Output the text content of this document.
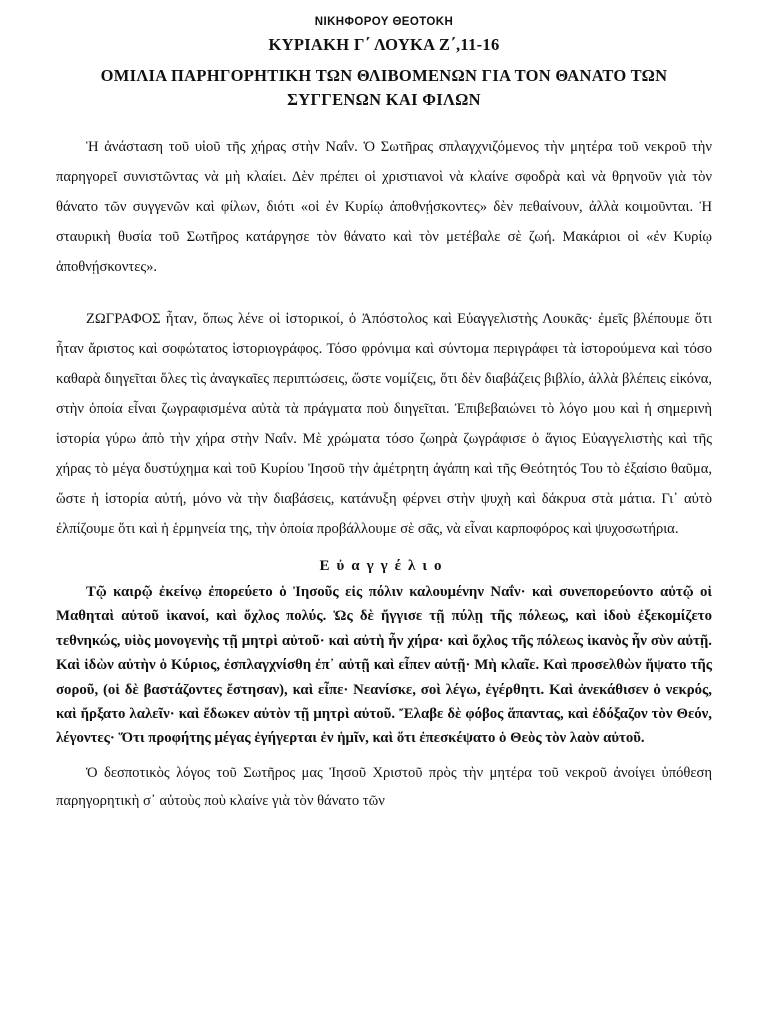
ΝΙΚΗΦΟΡΟΥ ΘΕΟΤΟΚΗ
ΚΥΡΙΑΚΗ Γ΄ ΛΟΥΚΑ Ζ΄,11-16
ΟΜΙΛΙΑ ΠΑΡΗΓΟΡΗΤΙΚΗ ΤΩΝ ΘΛΙΒΟΜΕΝΩΝ ΓΙΑ ΤΟΝ ΘΑΝΑΤΟ ΤΩΝ ΣΥΓΓΕΝΩΝ ΚΑΙ ΦΙΛΩΝ

Ἡ ἀνάσταση τοῦ υἱοῦ τῆς χήρας στὴν Ναΐν. Ὁ Σωτῆρας σπλαγχνιζόμενος τὴν μητέρα τοῦ νεκροῦ τὴν παρηγορεῖ συνιστῶντας νὰ μὴ κλαίει. Δὲν πρέπει οἱ χριστιανοὶ νὰ κλαίνε σφοδρὰ καὶ νὰ θρηνοῦν γιὰ τὸν θάνατο τῶν συγγενῶν καὶ φίλων, διότι «οἱ ἐν Κυρίῳ ἀποθνῄσκοντες» δὲν πεθαίνουν, ἀλλὰ κοιμοῦνται. Ἡ σταυρικὴ θυσία τοῦ Σωτῆρος κατάργησε τὸν θάνατο καὶ τὸν μετέβαλε σὲ ζωή. Μακάριοι οἱ «ἐν Κυρίῳ ἀποθνῄσκοντες».

ΖΩΓΡΑΦΟΣ ἦταν, ὅπως λένε οἱ ἱστορικοί, ὁ Ἀπόστολος καὶ Εὐαγγελιστὴς Λουκᾶς· ἐμεῖς βλέπουμε ὅτι ἦταν ἄριστος καὶ σοφώτατος ἱστοριογράφος. Τόσο φρόνιμα καὶ σύντομα περιγράφει τὰ ἱστορούμενα καὶ τόσο καθαρὰ διηγεῖται ὅλες τὶς ἀναγκαῖες περιπτώσεις, ὥστε νομίζεις, ὅτι δὲν διαβάζεις βιβλίο, ἀλλὰ βλέπεις εἰκόνα, στὴν ὁποία εἶναι ζωγραφισμένα αὐτὰ τὰ πράγματα ποὺ διηγεῖται. Ἐπιβεβαιώνει τὸ λόγο μου καὶ ἡ σημερινὴ ἱστορία γύρω ἀπὸ τὴν χήρα στὴν Ναΐν. Μὲ χρώματα τόσο ζωηρὰ ζωγράφισε ὁ ἅγιος Εὐαγγελιστὴς καὶ τῆς χήρας τὸ μέγα δυστύχημα καὶ τοῦ Κυρίου Ἰησοῦ τὴν ἀμέτρητη ἀγάπη καὶ τῆς Θεότητός Του τὸ ἐξαίσιο θαῦμα, ὥστε ἡ ἱστορία αὐτή, μόνο νὰ τὴν διαβάσεις, κατάνυξη φέρνει στὴν ψυχὴ καὶ δάκρυα στὰ μάτια. Γι᾿ αὐτὸ ἐλπίζουμε ὅτι καὶ ἡ ἑρμηνεία της, τὴν ὁποία προβάλλουμε σὲ σᾶς, νὰ εἶναι καρποφόρος καὶ ψυχοσωτήρια.

Εὐαγγέλιο

Τῷ καιρῷ ἐκείνῳ ἐπορεύετο ὁ Ἰησοῦς εἰς πόλιν καλουμένην Ναΐν· καὶ συνεπορεύοντο αὐτῷ οἱ Μαθηταὶ αὐτοῦ ἱκανοί, καὶ ὄχλος πολύς. Ὡς δὲ ἤγγισε τῇ πύλῃ τῆς πόλεως, καὶ ἰδοὺ ἐξεκομίζετο τεθνηκώς, υἱὸς μονογενὴς τῇ μητρὶ αὐτοῦ· καὶ αὐτὴ ἦν χήρα· καὶ ὄχλος τῆς πόλεως ἱκανὸς ἦν σὺν αὐτῇ. Καὶ ἰδὼν αὐτὴν ὁ Κύριος, ἐσπλαγχνίσθη ἐπ᾿ αὐτῇ καὶ εἶπεν αὐτῇ· Μὴ κλαῖε. Καὶ προσελθὼν ἥψατο τῆς σοροῦ, (οἱ δὲ βαστάζοντες ἔστησαν), καὶ εἶπε· Νεανίσκε, σοὶ λέγω, ἐγέρθητι. Καὶ ἀνεκάθισεν ὁ νεκρός, καὶ ἤρξατο λαλεῖν· καὶ ἔδωκεν αὐτὸν τῇ μητρὶ αὐτοῦ. Ἔλαβε δὲ φόβος ἅπαντας, καὶ ἐδόξαζον τὸν Θεόν, λέγοντες· Ὅτι προφήτης μέγας ἐγήγερται ἐν ἡμῖν, καὶ ὅτι ἐπεσκέψατο ὁ Θεὸς τὸν λαὸν αὐτοῦ.

Ὁ δεσποτικὸς λόγος τοῦ Σωτῆρος μας Ἰησοῦ Χριστοῦ πρὸς τὴν μητέρα τοῦ νεκροῦ ἀνοίγει ὑπόθεση παρηγορητικὴ σ᾿ αὐτοὺς ποὺ κλαίνε γιὰ τὸν θάνατο τῶν
